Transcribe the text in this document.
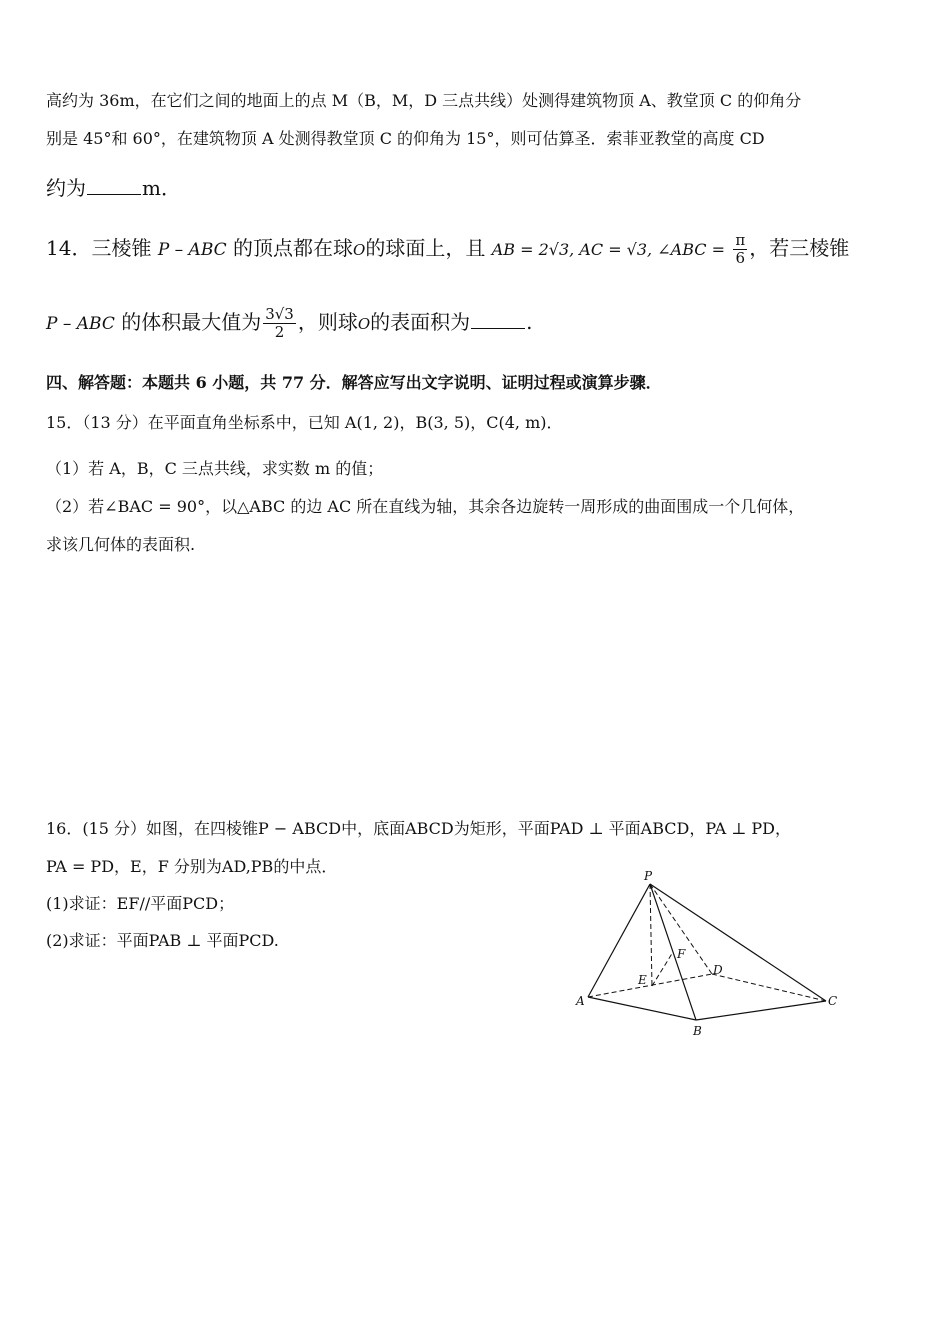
高约为 36m，在它们之间的地面上的点 M（B，M，D 三点共线）处测得建筑物顶 A、教堂顶 C 的仰角分
别是 45°和 60°，在建筑物顶 A 处测得教堂顶 C 的仰角为 15°，则可估算圣．索菲亚教堂的高度 CD
约为	m．
14．三棱锥 P – ABC 的顶点都在球O的球面上，且 AB = 2√3, AC = √3, ∠ABC = $\frac{\pi}{6}$ ，若三棱锥
P – ABC 的体积最大值为 $\frac{3√3}{2}$ ，则球O的表面积为	.
四、解答题：本题共 6 小题，共 77 分．解答应写出文字说明、证明过程或演算步骤．
15．（13 分）在平面直角坐标系中，已知 A(1, 2)，B(3, 5)，C(4, m)．
（1）若 A，B，C 三点共线，求实数 m 的值；
（2）若∠BAC = 90°，以△ABC 的边 AC 所在直线为轴，其余各边旋转一周形成的曲面围成一个几何体，
求该几何体的表面积.
16．(15 分）如图，在四棱锥P − ABCD中，底面ABCD为矩形，平面PAD ⊥ 平面ABCD，PA ⊥ PD，
PA = PD，E，F 分别为AD,PB的中点．
(1)求证：EF//平面PCD；
(2)求证：平面PAB ⊥ 平面PCD.
P
A
B
C
D
E
F
